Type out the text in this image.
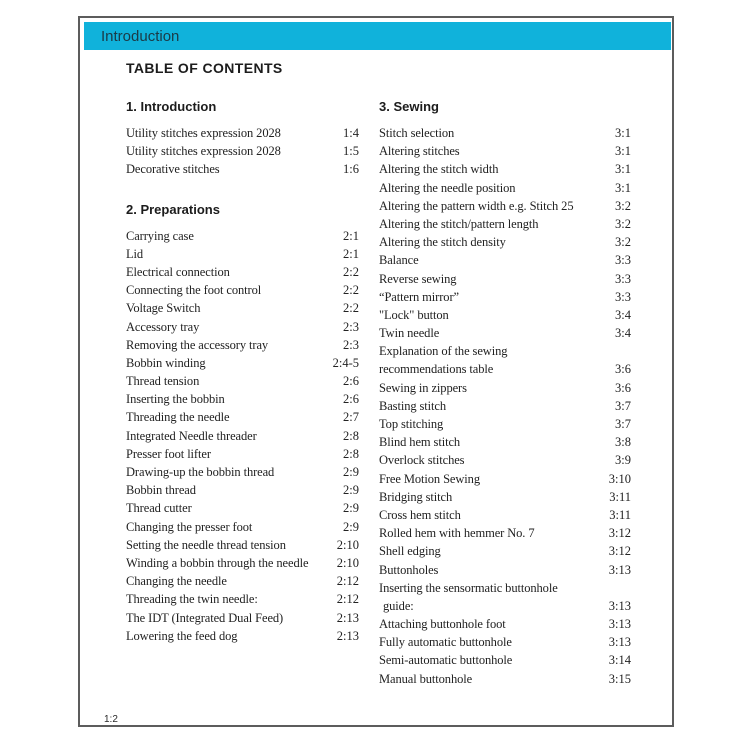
Introduction
TABLE OF CONTENTS
1. Introduction
Utility stitches expression 2028	1:4
Utility stitches expression 2028	1:5
Decorative stitches	1:6
2. Preparations
Carrying case	2:1
Lid	2:1
Electrical connection	2:2
Connecting the foot control	2:2
Voltage Switch	2:2
Accessory tray	2:3
Removing the accessory tray	2:3
Bobbin winding	2:4-5
Thread tension	2:6
Inserting the bobbin	2:6
Threading the needle	2:7
Integrated Needle threader	2:8
Presser foot lifter	2:8
Drawing-up the bobbin thread	2:9
Bobbin thread	2:9
Thread cutter	2:9
Changing the presser foot	2:9
Setting the needle thread tension	2:10
Winding a bobbin through the needle 2:10
Changing the needle	2:12
Threading the twin needle:	2:12
The IDT (Integrated Dual Feed)	2:13
Lowering the feed dog	2:13
3. Sewing
Stitch selection	3:1
Altering stitches	3:1
Altering the stitch width	3:1
Altering the needle position	3:1
Altering the pattern width e.g. Stitch 25	3:2
Altering the stitch/pattern length	3:2
Altering the stitch density	3:2
Balance	3:3
Reverse sewing	3:3
“Pattern mirror”	3:3
"Lock" button	3:4
Twin needle	3:4
Explanation of the sewing
recommendations table	3:6
Sewing in zippers	3:6
Basting stitch	3:7
Top stitching	3:7
Blind hem stitch	3:8
Overlock stitches	3:9
Free Motion Sewing	3:10
Bridging stitch	3:11
Cross hem stitch	3:11
Rolled hem with hemmer No. 7	3:12
Shell edging	3:12
Buttonholes	3:13
Inserting the sensormatic buttonhole
guide:	3:13
Attaching buttonhole foot	3:13
Fully automatic buttonhole	3:13
Semi-automatic buttonhole	3:14
Manual buttonhole	3:15
1:2
